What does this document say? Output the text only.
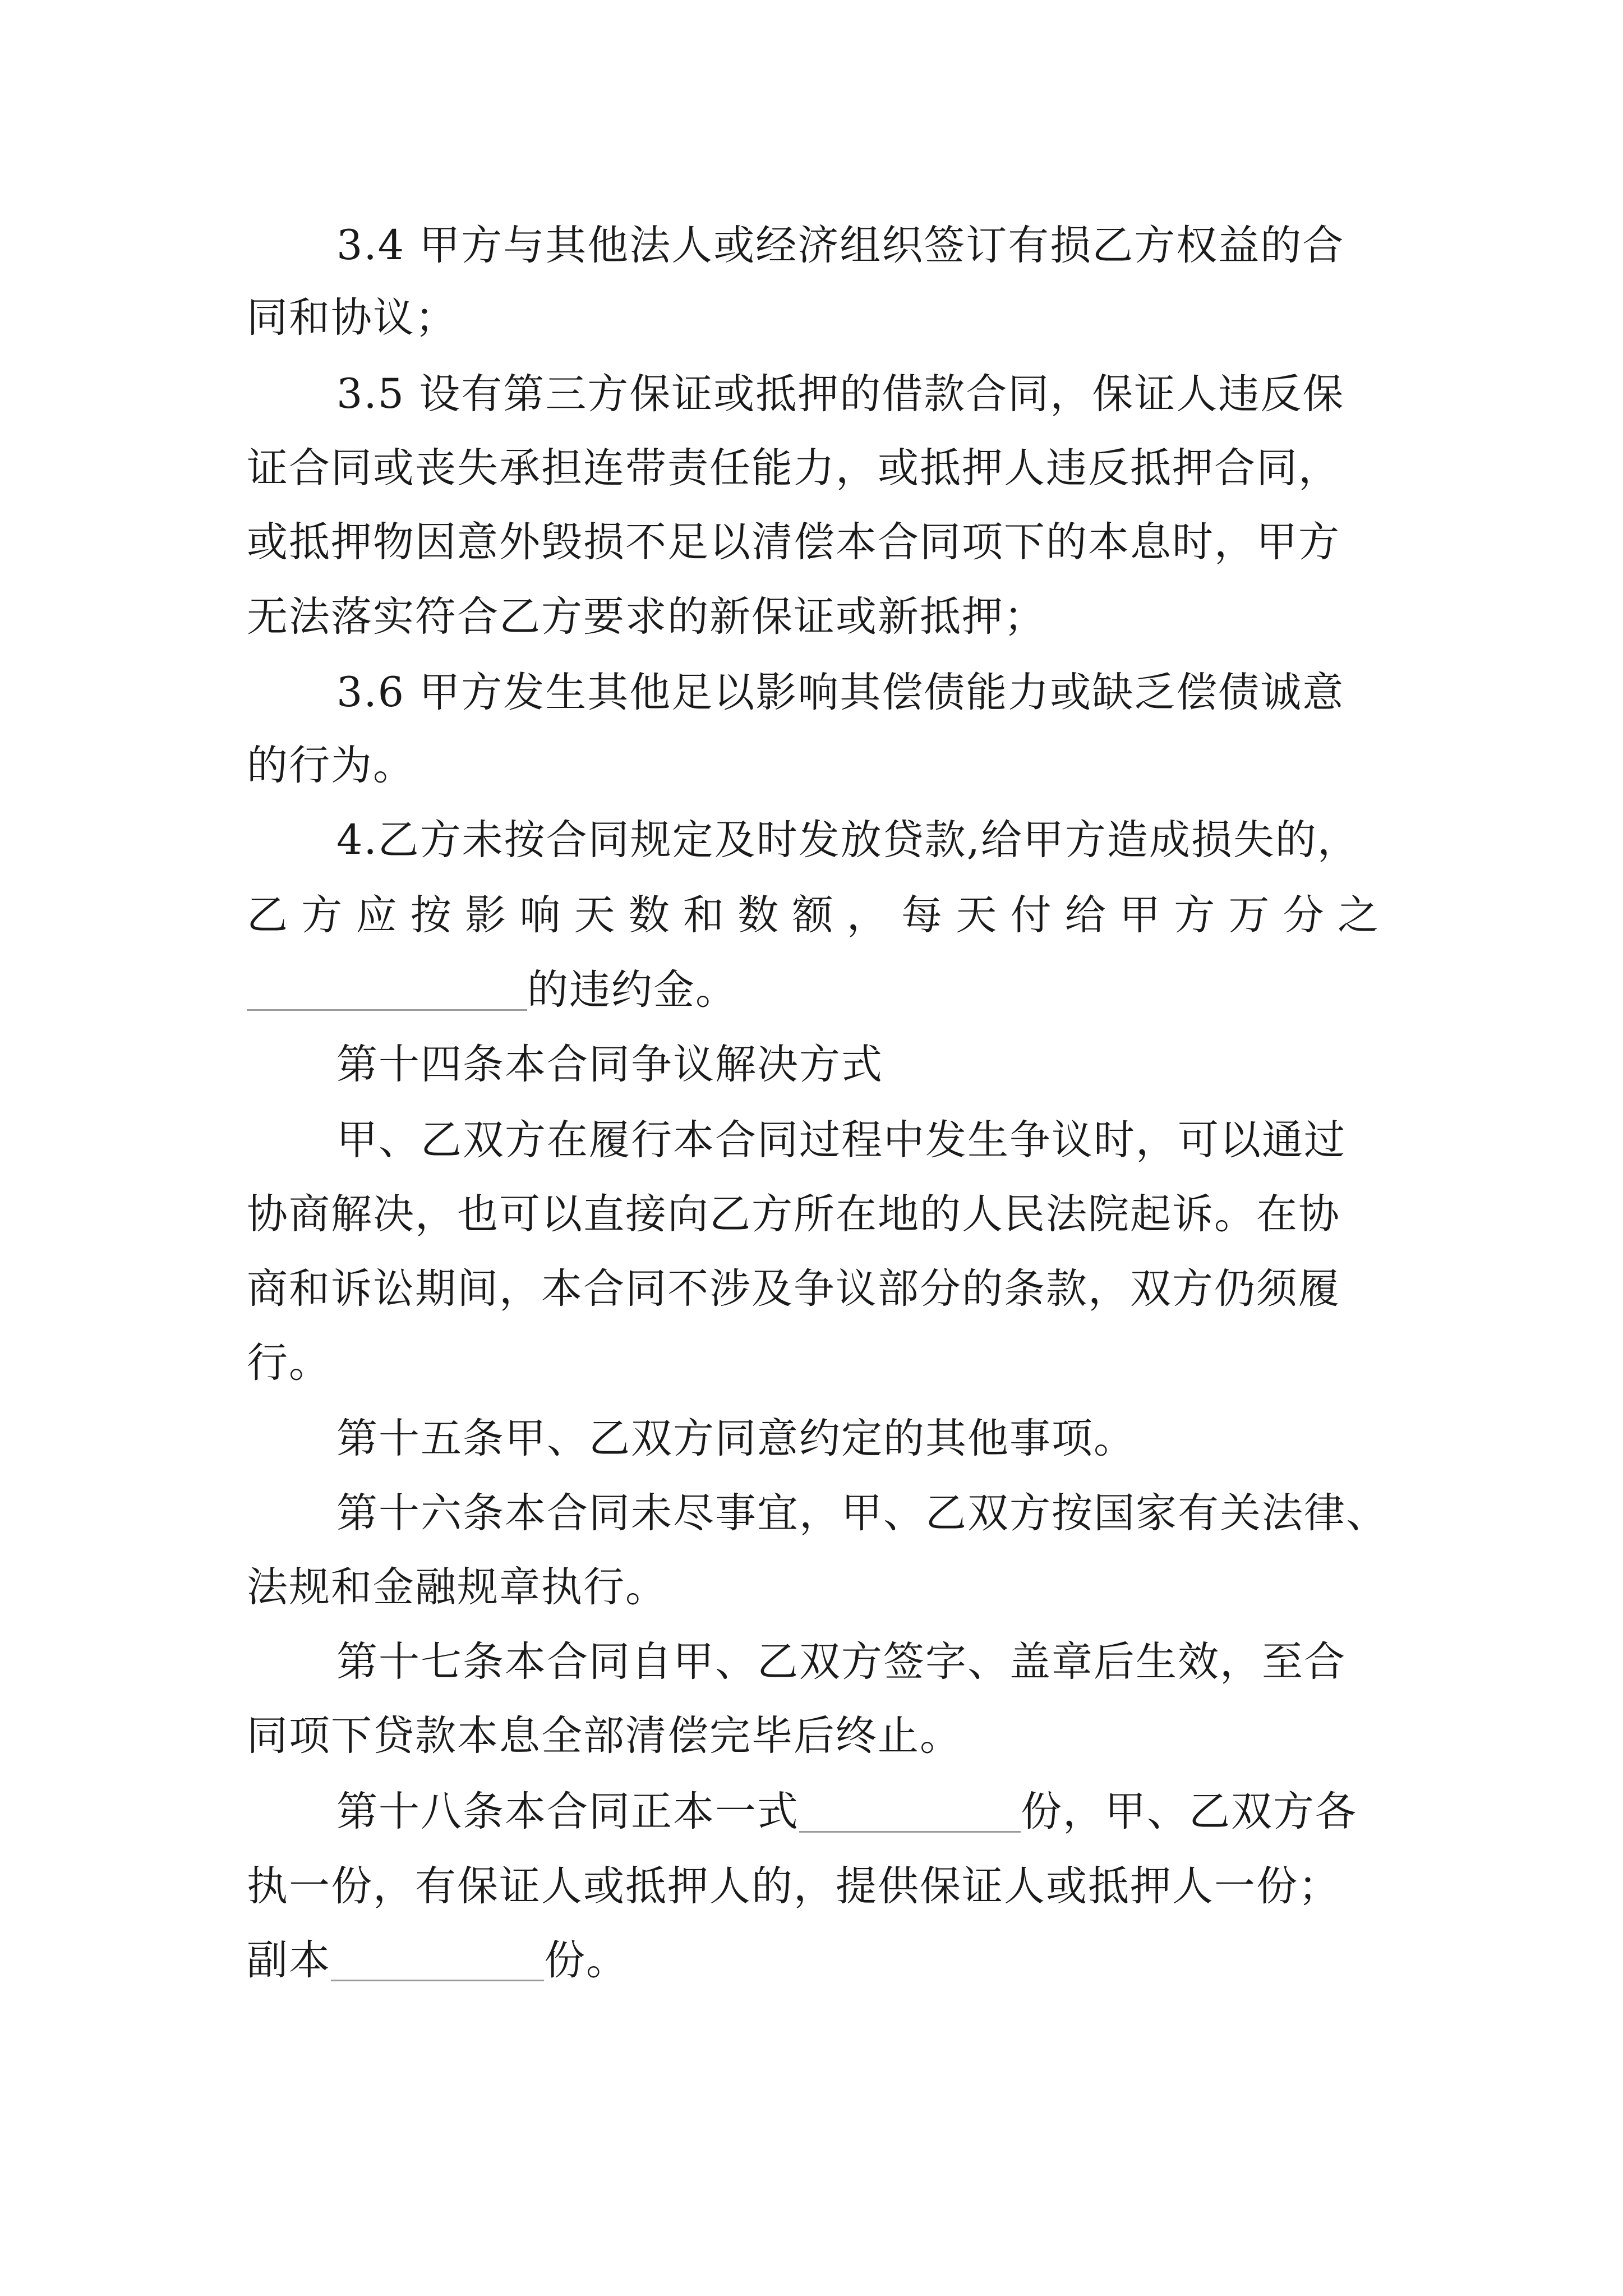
3.4 甲方与其他法人或经济组织签订有损乙方权益的合
同和协议；
3.5 设有第三方保证或抵押的借款合同，保证人违反保
证合同或丧失承担连带责任能力，或抵押人违反抵押合同，
或抵押物因意外毁损不足以清偿本合同项下的本息时，甲方
无法落实符合乙方要求的新保证或新抵押；
3.6 甲方发生其他足以影响其偿债能力或缺乏偿债诚意
的行为。
4.乙方未按合同规定及时发放贷款,给甲方造成损失的，
乙 方 应 按 影 响 天 数 和 数 额 ， 每 天 付 给 甲 方 万 分 之
的违约金。
第十四条本合同争议解决方式
甲、乙双方在履行本合同过程中发生争议时，可以通过
协商解决，也可以直接向乙方所在地的人民法院起诉。在协
商和诉讼期间，本合同不涉及争议部分的条款，双方仍须履
行。
第十五条甲、乙双方同意约定的其他事项。
第十六条本合同未尽事宜，甲、乙双方按国家有关法律、
法规和金融规章执行。
第十七条本合同自甲、乙双方签字、盖章后生效，至合
同项下贷款本息全部清偿完毕后终止。
第十八条本合同正本一式	份，甲、乙双方各
执一份，有保证人或抵押人的，提供保证人或抵押人一份；
副本	份。
